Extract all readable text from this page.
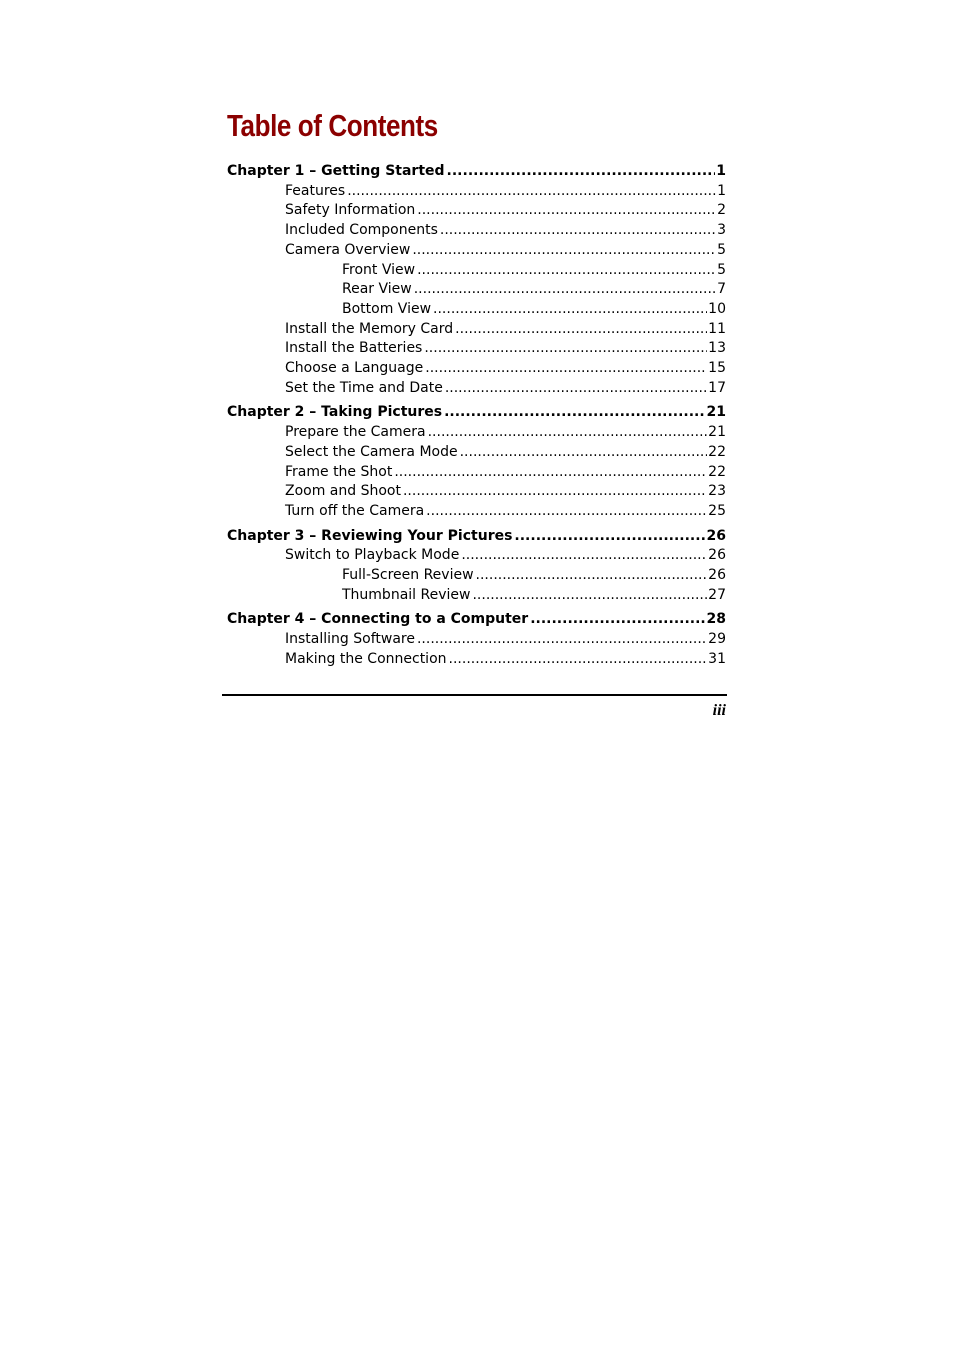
Table of Contents
Chapter 1 – Getting Started .....	1
Features .....	1
Safety Information .....	2
Included Components .....	3
Camera Overview .....	5
Front View .....	5
Rear View .....	7
Bottom View .....	10
Install the Memory Card .....	11
Install the Batteries .....	13
Choose a Language .....	15
Set the Time and Date .....	17
Chapter 2 – Taking Pictures .....	21
Prepare the Camera .....	21
Select the Camera Mode .....	22
Frame the Shot .....	22
Zoom and Shoot .....	23
Turn off the Camera .....	25
Chapter 3 – Reviewing Your Pictures .....	26
Switch to Playback Mode .....	26
Full-Screen Review .....	26
Thumbnail Review .....	27
Chapter 4 – Connecting to a Computer .....	28
Installing Software .....	29
Making the Connection .....	31
iii
